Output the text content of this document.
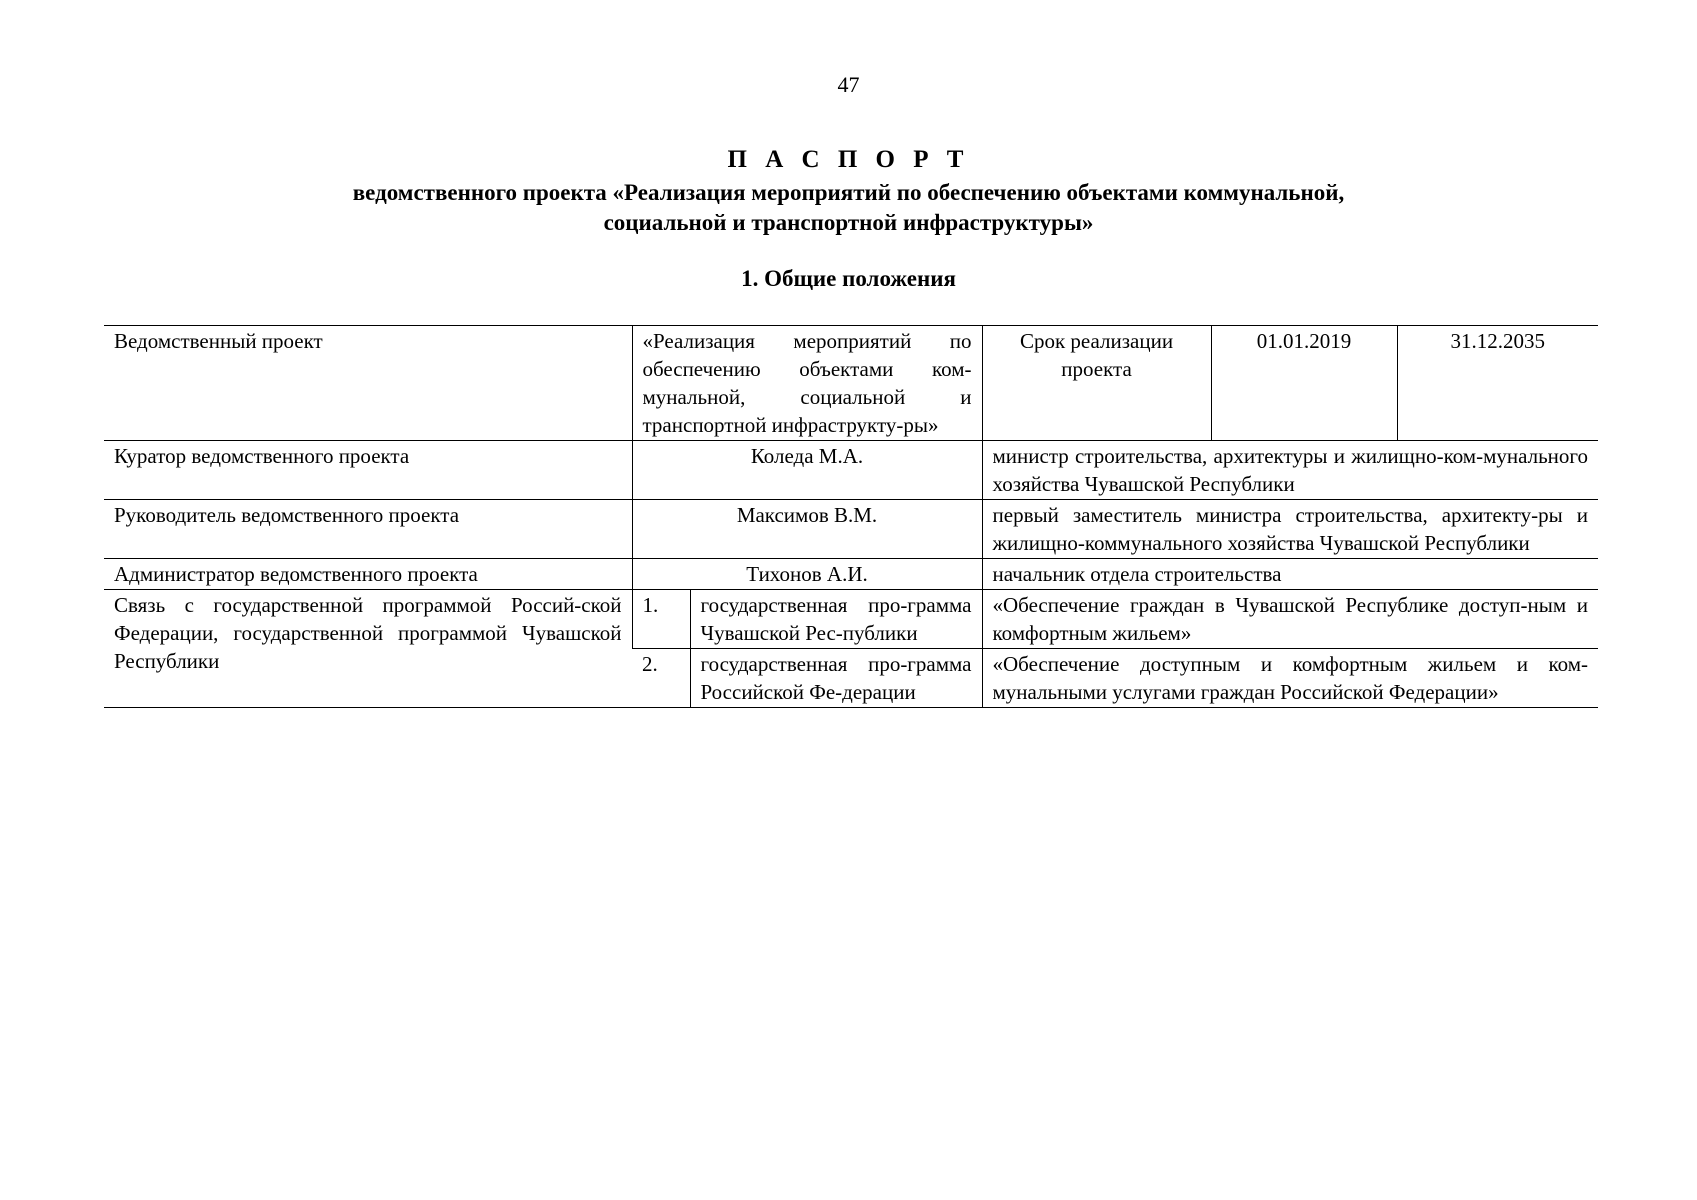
47
П А С П О Р Т
ведомственного проекта «Реализация мероприятий по обеспечению объектами коммунальной,
социальной и транспортной инфраструктуры»
1. Общие положения
Ведомственный проект	«Реализация мероприятий по обеспечению объектами ком-мунальной, социальной и транспортной инфраструкту-ры»		Срок реализации проекта	01.01.2019	31.12.2035
Куратор ведомственного проекта	Коледа М.А.		министр строительства, архитектуры и жилищно-ком-мунального хозяйства Чувашской Республики		
Руководитель ведомственного проекта	Максимов В.М.		первый заместитель министра строительства, архитекту-ры и жилищно-коммунального хозяйства Чувашской Республики		
Администратор ведомственного проекта	Тихонов А.И.		начальник отдела строительства		
Связь с государственной программой Россий-ской Федерации, государственной программой Чувашской Республики	1.	государственная про-грамма Чувашской Рес-публики	«Обеспечение граждан в Чувашской Республике доступ-ным и комфортным жильем»		
	2.	государственная про-грамма Российской Фе-дерации	«Обеспечение доступным и комфортным жильем и ком-мунальными услугами граждан Российской Федерации»		
